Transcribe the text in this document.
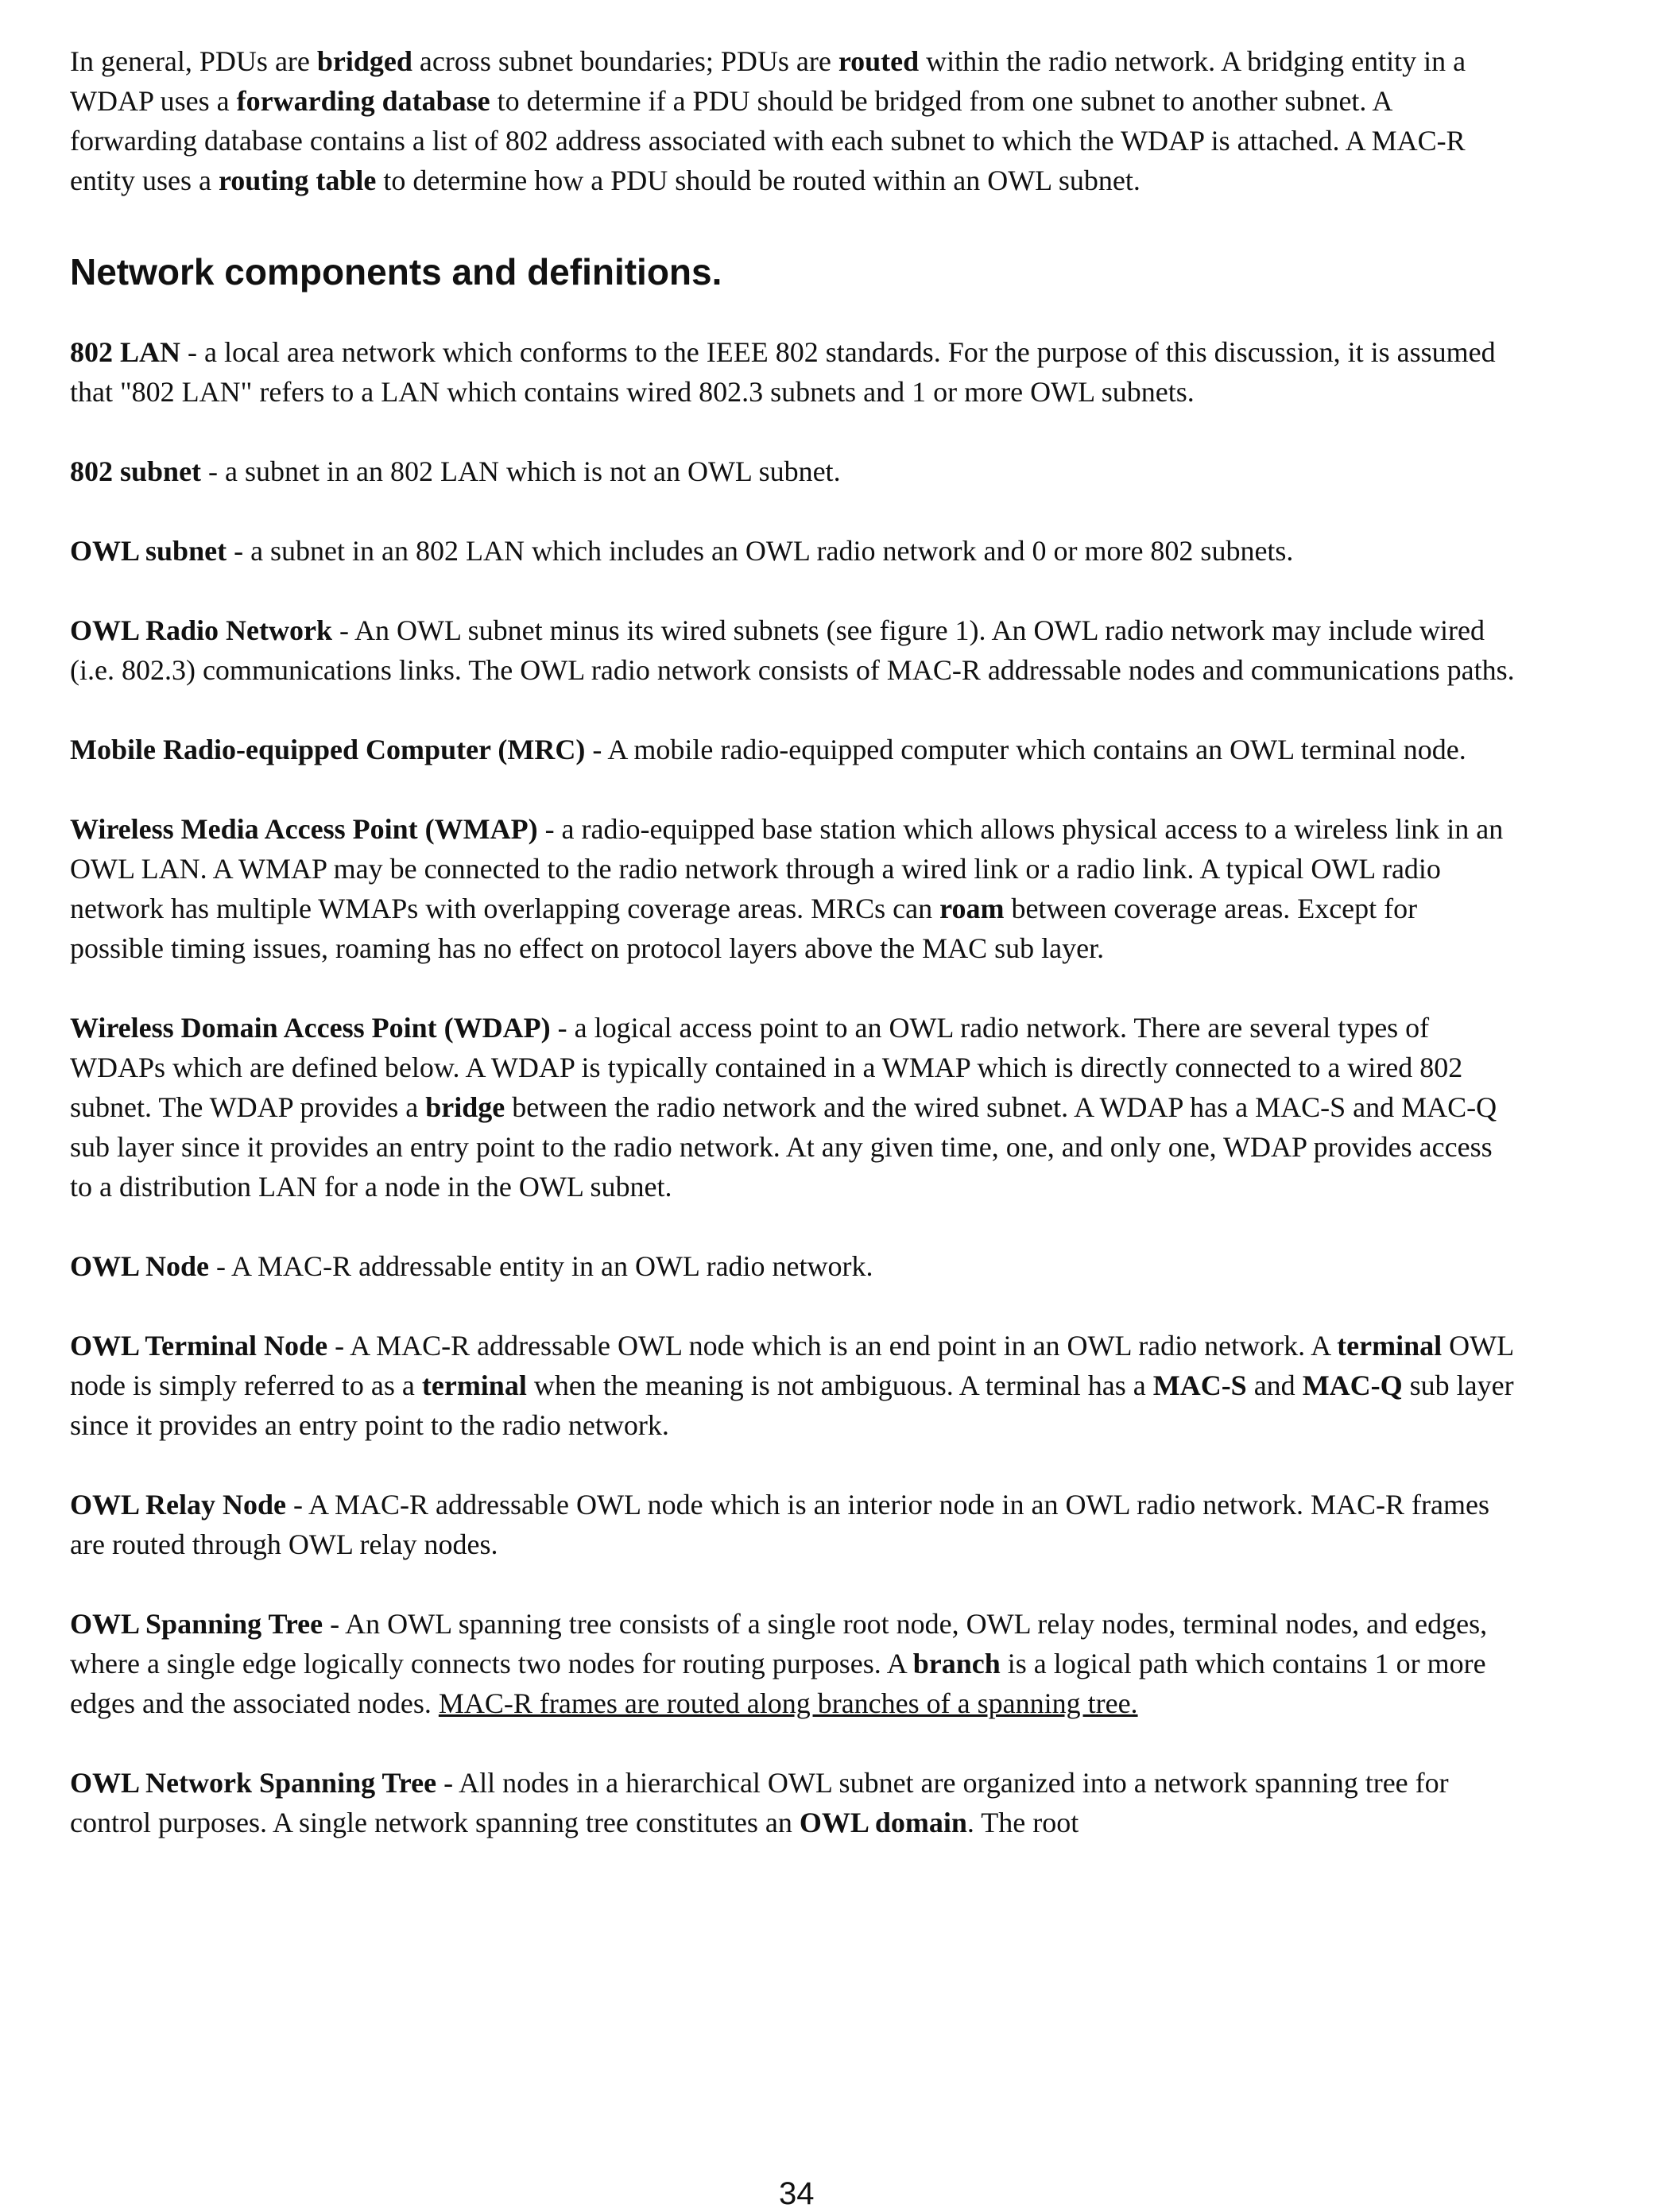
In general, PDUs are bridged across subnet boundaries; PDUs are routed within the radio network. A bridging entity in a WDAP uses a forwarding database to determine if a PDU should be bridged from one subnet to another subnet. A forwarding database contains a list of 802 address associated with each subnet to which the WDAP is attached. A MAC-R entity uses a routing table to determine how a PDU should be routed within an OWL subnet.

Network components and definitions.

802 LAN - a local area network which conforms to the IEEE 802 standards. For the purpose of this discussion, it is assumed that "802 LAN" refers to a LAN which contains wired 802.3 subnets and 1 or more OWL subnets.

802 subnet - a subnet in an 802 LAN which is not an OWL subnet.

OWL subnet - a subnet in an 802 LAN which includes an OWL radio network and 0 or more 802 subnets.

OWL Radio Network - An OWL subnet minus its wired subnets (see figure 1). An OWL radio network may include wired (i.e. 802.3) communications links. The OWL radio network consists of MAC-R addressable nodes and communications paths.

Mobile Radio-equipped Computer (MRC) - A mobile radio-equipped computer which contains an OWL terminal node.

Wireless Media Access Point (WMAP) - a radio-equipped base station which allows physical access to a wireless link in an OWL LAN. A WMAP may be connected to the radio network through a wired link or a radio link. A typical OWL radio network has multiple WMAPs with overlapping coverage areas. MRCs can roam between coverage areas. Except for possible timing issues, roaming has no effect on protocol layers above the MAC sub layer.

Wireless Domain Access Point (WDAP) - a logical access point to an OWL radio network. There are several types of WDAPs which are defined below. A WDAP is typically contained in a WMAP which is directly connected to a wired 802 subnet. The WDAP provides a bridge between the radio network and the wired subnet. A WDAP has a MAC-S and MAC-Q sub layer since it provides an entry point to the radio network. At any given time, one, and only one, WDAP provides access to a distribution LAN for a node in the OWL subnet.

OWL Node - A MAC-R addressable entity in an OWL radio network.

OWL Terminal Node - A MAC-R addressable OWL node which is an end point in an OWL radio network. A terminal OWL node is simply referred to as a terminal when the meaning is not ambiguous. A terminal has a MAC-S and MAC-Q sub layer since it provides an entry point to the radio network.

OWL Relay Node - A MAC-R addressable OWL node which is an interior node in an OWL radio network. MAC-R frames are routed through OWL relay nodes.

OWL Spanning Tree - An OWL spanning tree consists of a single root node, OWL relay nodes, terminal nodes, and edges, where a single edge logically connects two nodes for routing purposes. A branch is a logical path which contains 1 or more edges and the associated nodes. MAC-R frames are routed along branches of a spanning tree.

OWL Network Spanning Tree - All nodes in a hierarchical OWL subnet are organized into a network spanning tree for control purposes. A single network spanning tree constitutes an OWL domain. The root

34
